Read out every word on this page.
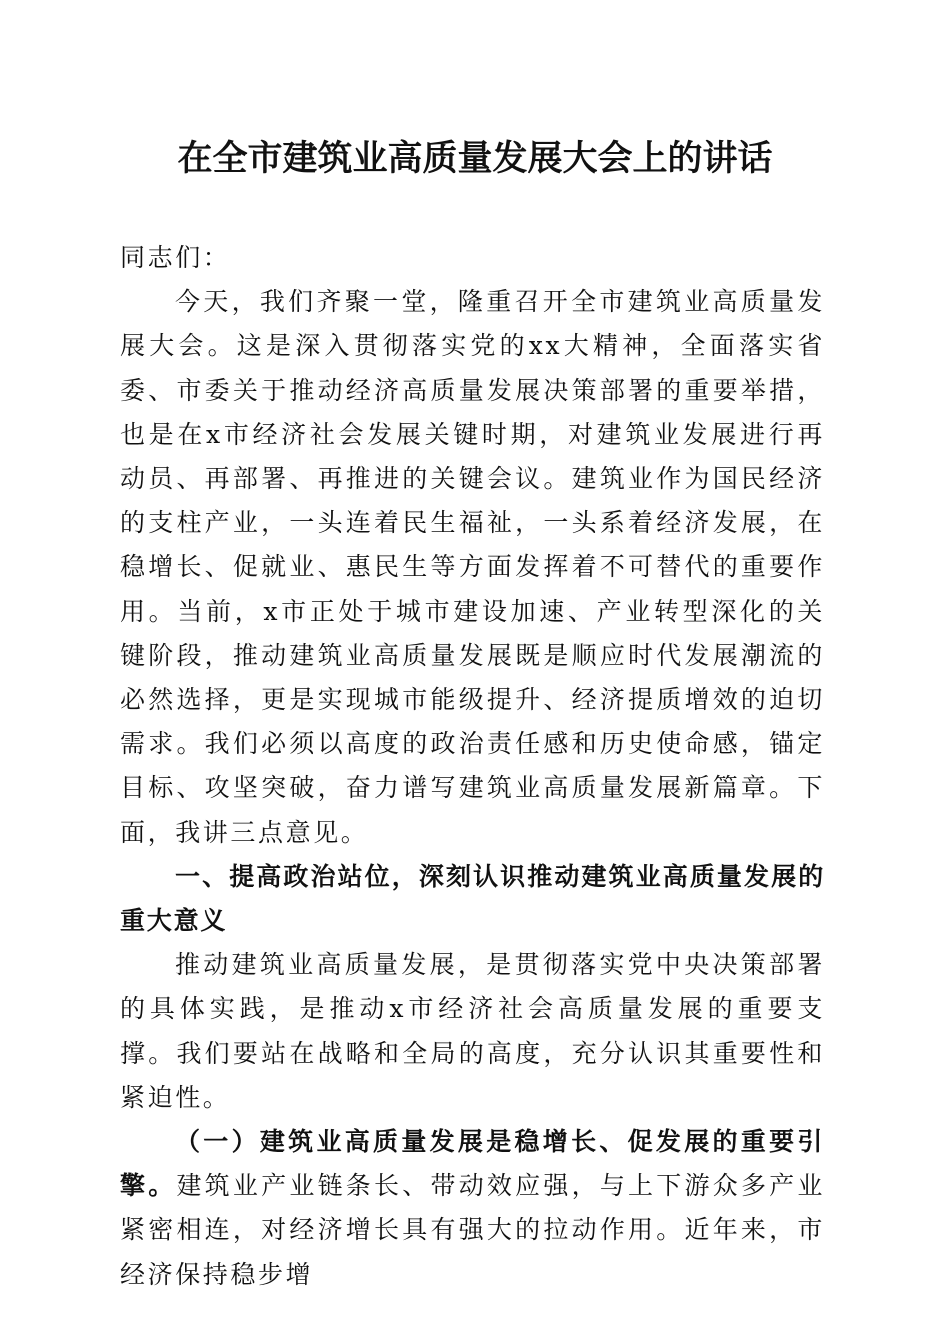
在全市建筑业高质量发展大会上的讲话

同志们：

今天，我们齐聚一堂，隆重召开全市建筑业高质量发展大会。这是深入贯彻落实党的xx大精神，全面落实省委、市委关于推动经济高质量发展决策部署的重要举措，也是在x市经济社会发展关键时期，对建筑业发展进行再动员、再部署、再推进的关键会议。建筑业作为国民经济的支柱产业，一头连着民生福祉，一头系着经济发展，在稳增长、促就业、惠民生等方面发挥着不可替代的重要作用。当前，x市正处于城市建设加速、产业转型深化的关键阶段，推动建筑业高质量发展既是顺应时代发展潮流的必然选择，更是实现城市能级提升、经济提质增效的迫切需求。我们必须以高度的政治责任感和历史使命感，锚定目标、攻坚突破，奋力谱写建筑业高质量发展新篇章。下面，我讲三点意见。

一、提高政治站位，深刻认识推动建筑业高质量发展的重大意义

推动建筑业高质量发展，是贯彻落实党中央决策部署的具体实践，是推动x市经济社会高质量发展的重要支撑。我们要站在战略和全局的高度，充分认识其重要性和紧迫性。

（一）建筑业高质量发展是稳增长、促发展的重要引擎。建筑业产业链条长、带动效应强，与上下游众多产业紧密相连，对经济增长具有强大的拉动作用。近年来，市经济保持稳步增
